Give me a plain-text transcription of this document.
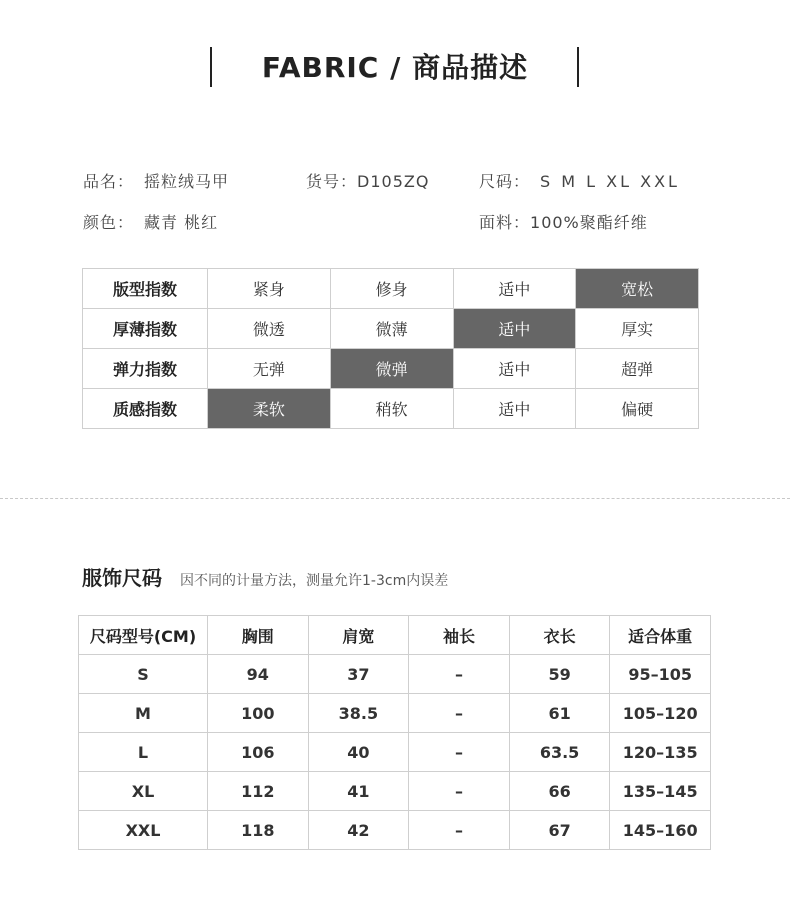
FABRIC / 商品描述
品名： 摇粒绒马甲	货号：D105ZQ	尺码： S M L XL XXL
颜色： 藏青 桃红	面料：100%聚酯纤维
版型指数	紧身	修身	适中	宽松
厚薄指数	微透	微薄	适中	厚实
弹力指数	无弹	微弹	适中	超弹
质感指数	柔软	稍软	适中	偏硬
服饰尺码 因不同的计量方法，测量允许1-3cm内误差
尺码型号(CM)	胸围	肩宽	袖长	衣长	适合体重
S	94	37	–	59	95–105
M	100	38.5	–	61	105–120
L	106	40	–	63.5	120–135
XL	112	41	–	66	135–145
XXL	118	42	–	67	145–160
